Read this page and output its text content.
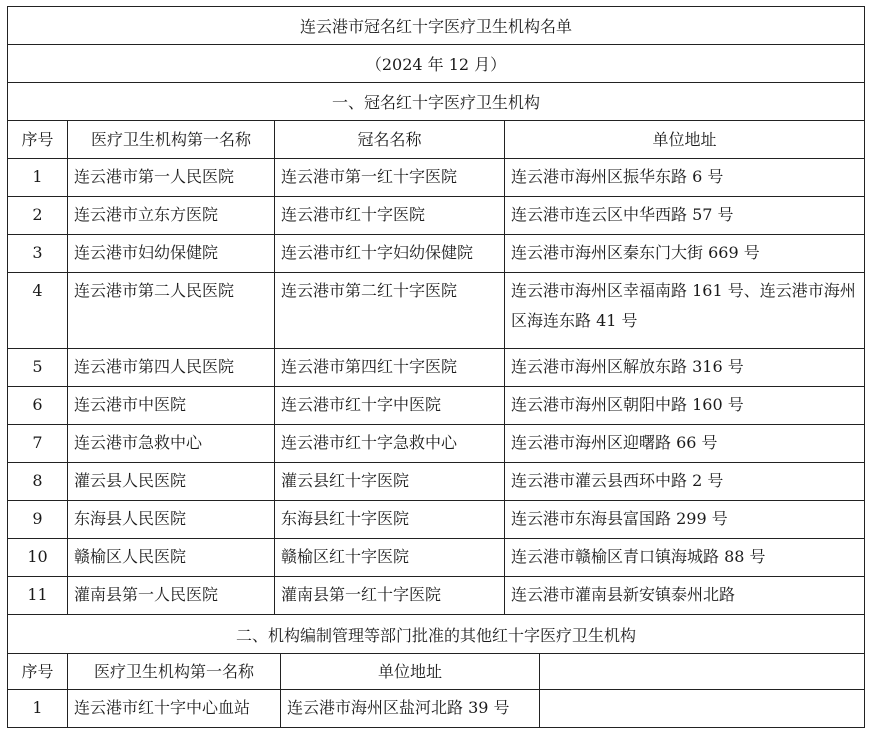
连云港市冠名红十字医疗卫生机构名单
（2024 年 12 月）
一、冠名红十字医疗卫生机构
序号	医疗卫生机构第一名称	冠名名称	单位地址
1	连云港市第一人民医院	连云港市第一红十字医院	连云港市海州区振华东路 6 号
2	连云港市立东方医院	连云港市红十字医院	连云港市连云区中华西路 57 号
3	连云港市妇幼保健院	连云港市红十字妇幼保健院	连云港市海州区秦东门大街 669 号
4	连云港市第二人民医院	连云港市第二红十字医院	连云港市海州区幸福南路 161 号、连云港市海州区海连东路 41 号
5	连云港市第四人民医院	连云港市第四红十字医院	连云港市海州区解放东路 316 号
6	连云港市中医院	连云港市红十字中医院	连云港市海州区朝阳中路 160 号
7	连云港市急救中心	连云港市红十字急救中心	连云港市海州区迎曙路 66 号
8	灌云县人民医院	灌云县红十字医院	连云港市灌云县西环中路 2 号
9	东海县人民医院	东海县红十字医院	连云港市东海县富国路 299 号
10	赣榆区人民医院	赣榆区红十字医院	连云港市赣榆区青口镇海城路 88 号
11	灌南县第一人民医院	灌南县第一红十字医院	连云港市灌南县新安镇泰州北路
二、机构编制管理等部门批准的其他红十字医疗卫生机构
序号	医疗卫生机构第一名称	单位地址
1	连云港市红十字中心血站	连云港市海州区盐河北路 39 号
